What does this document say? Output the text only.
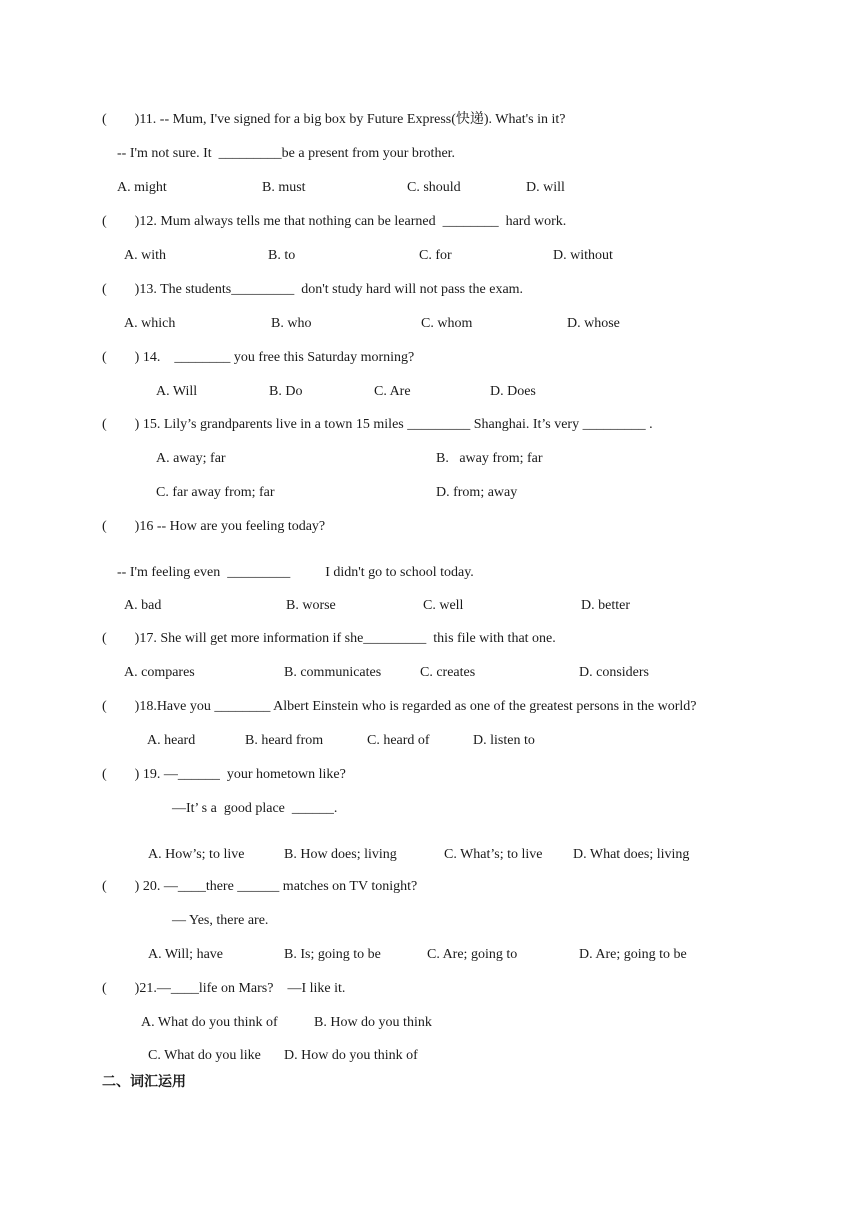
(        )11. -- Mum, I've signed for a big box by Future Express(快递). What's in it?
-- I'm not sure. It  _________be a present from your brother.
A. might	B. must	C. should	D. will
(        )12. Mum always tells me that nothing can be learned  ________  hard work.
A. with	B. to	C. for	D. without
(        )13. The students_________  don't study hard will not pass the exam.
A. which	B. who	C. whom	D. whose
(        ) 14.    ________ you free this Saturday morning?
A. Will	B. Do	C. Are	D. Does
(        ) 15. Lily’s grandparents live in a town 15 miles _________ Shanghai. It’s very _________ .
A. away; far	B.   away from; far
C. far away from; far	D. from; away
(        )16 -- How are you feeling today?
-- I'm feeling even  _________          I didn't go to school today.
A. bad	B. worse	C. well	D. better
(        )17. She will get more information if she_________  this file with that one.
A. compares	B. communicates	C. creates	D. considers
(        )18.Have you ________ Albert Einstein who is regarded as one of the greatest persons in the world?
A. heard	B. heard from	C. heard of	D. listen to
(        ) 19. —______  your hometown like?
—It’ s a  good place  ______.
A. How’s; to live	B. How does; living	C. What’s; to live D. What does; living
(        ) 20. —____there ______ matches on TV tonight?
— Yes, there are.
A. Will; have	B. Is; going to be	C. Are; going to	D. Are; going to be
(        )21.—____life on Mars?    —I like it.
A. What do you think of	B. How do you think
C. What do you like D. How do you think of
二、词汇运用
